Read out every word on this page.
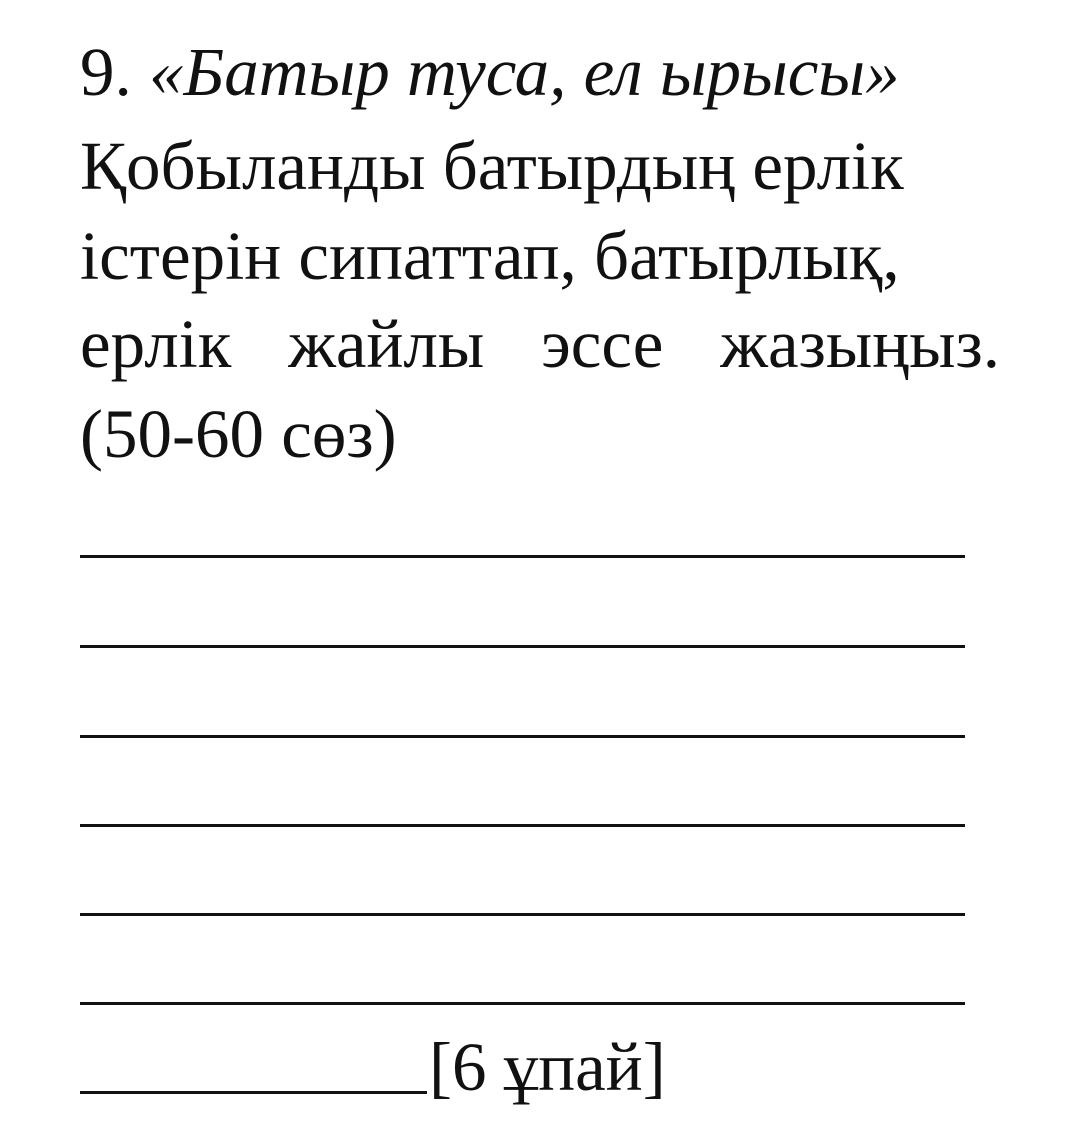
9. «Батыр туса, ел ырысы»
Қобыланды батырдың ерлік
істерін сипаттап, батырлық,
ерлік жайлы эссе жазыңыз.
(50-60 сөз)
[6 ұпай]
